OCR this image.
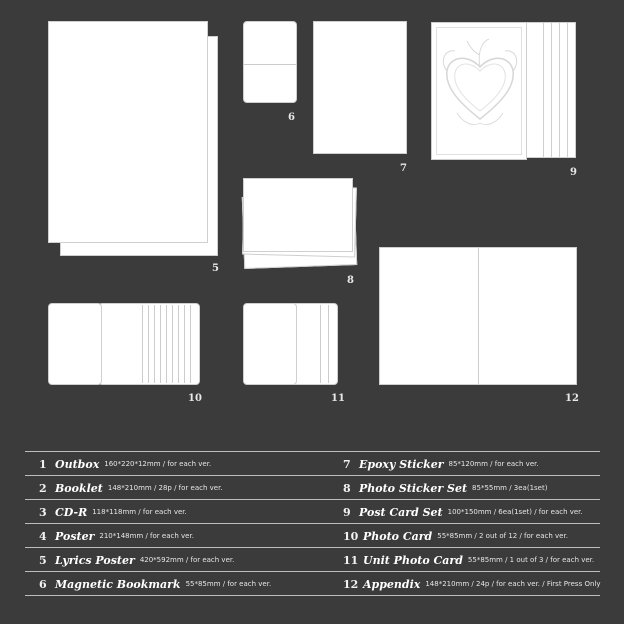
5
6
7	9
8
12
10	11
1 Outbox 160*220*12mm / for each ver.
2 Booklet 148*210mm / 28p / for each ver.
3 CD-R 118*118mm / for each ver.
4 Poster 210*148mm / for each ver.
5 Lyrics Poster 420*592mm / for each ver.
6 Magnetic Bookmark 55*85mm / for each ver.
7 Epoxy Sticker 85*120mm / for each ver.
8 Photo Sticker Set 85*55mm / 3ea(1set)
9 Post Card Set 100*150mm / 6ea(1set) / for each ver.
10 Photo Card 55*85mm / 2 out of 12 / for each ver.
11 Unit Photo Card 55*85mm / 1 out of 3 / for each ver.
12 Appendix 148*210mm / 24p / for each ver. / First Press Only
